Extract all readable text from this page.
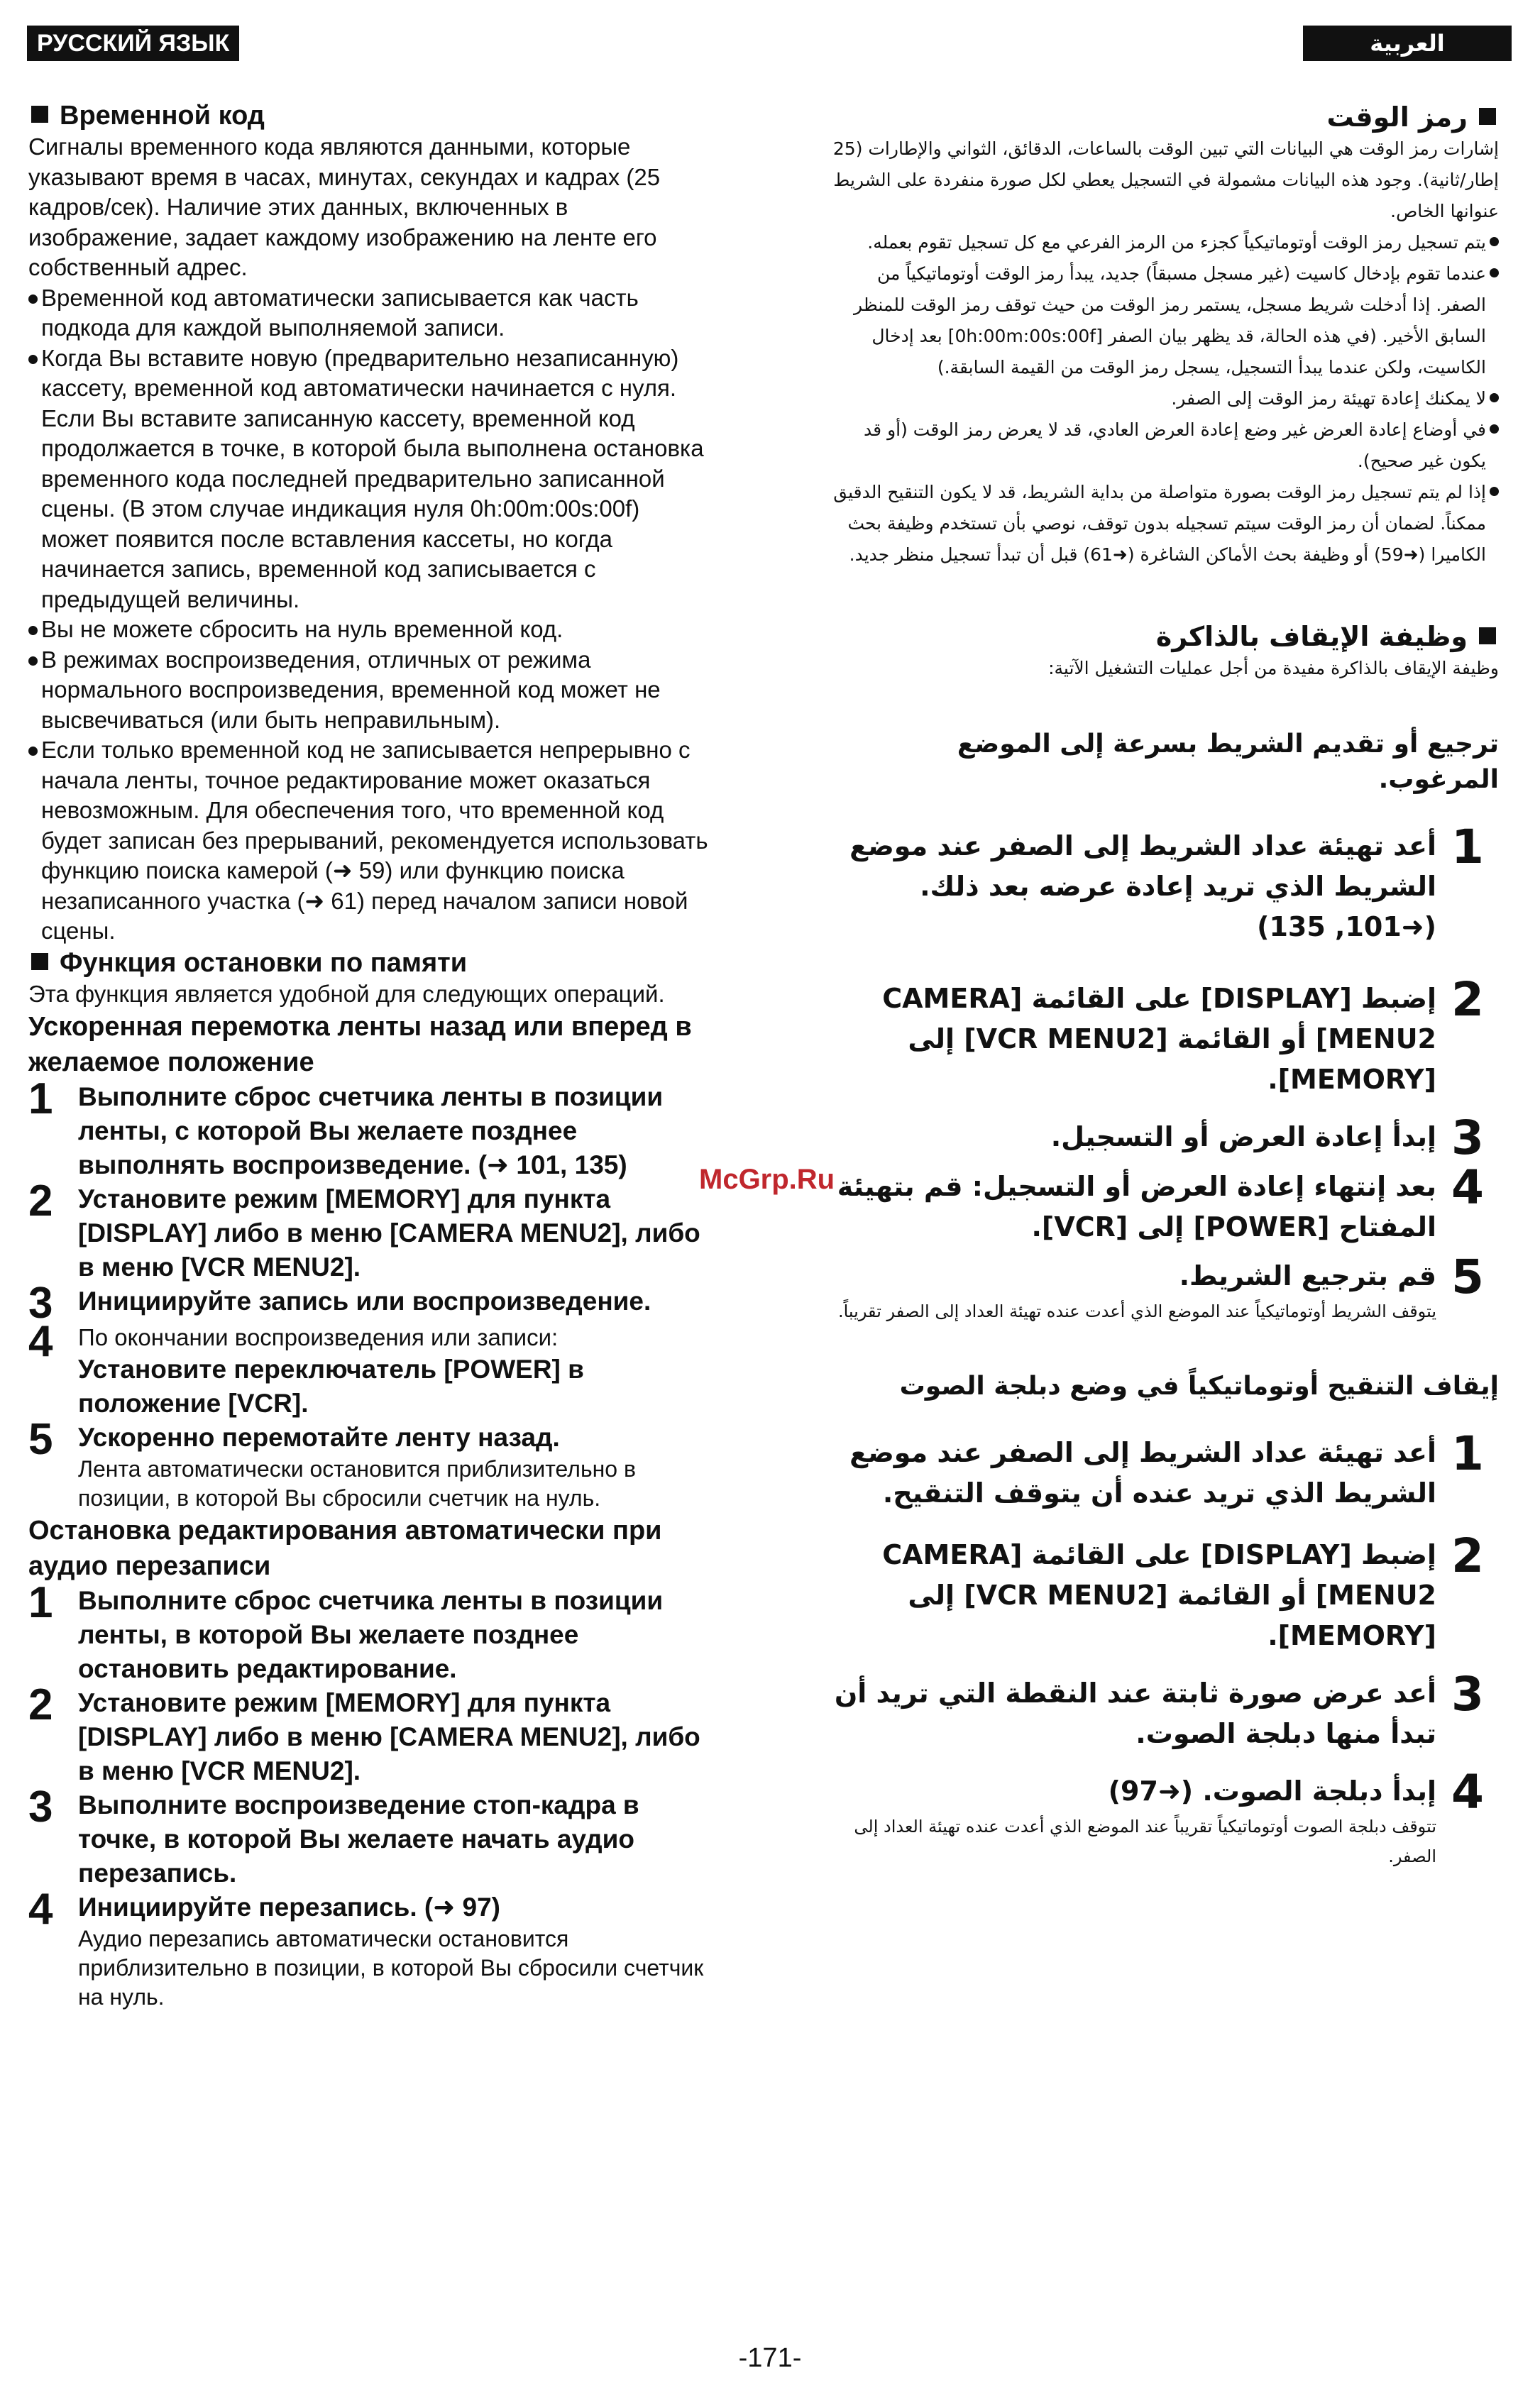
РУССКИЙ ЯЗЫК	العربية
Временной код

Сигналы временного кода являются данными, которые указывают время в часах, минутах, секундах и кадрах (25 кадров/сек). Наличие этих данных, включенных в изображение, задает каждому изображению на ленте его собственный адрес.

Временной код автоматически записывается как часть подкода для каждой выполняемой записи.

Когда Вы вставите новую (предварительно незаписанную) кассету, временной код автоматически начинается с нуля. Если Вы вставите записанную кассету, временной код продолжается в точке, в которой была выполнена остановка временного кода последней предварительно записанной сцены. (В этом случае индикация нуля 0h:00m:00s:00f) может появится после вставления кассеты, но когда начинается запись, временной код записывается с предыдущей величины.

Вы не можете сбросить на нуль временной код.

В режимах воспроизведения, отличных от режима нормального воспроизведения, временной код может не высвечиваться (или быть неправильным).

Если только временной код не записывается непрерывно с начала ленты, точное редактирование может оказаться невозможным. Для обеспечения того, что временной код будет записан без прерываний, рекомендуется использовать функцию поиска камерой (➜ 59) или функцию поиска незаписанного участка (➜ 61) перед началом записи новой сцены.

Функция остановки по памяти

Эта функция является удобной для следующих операций.

Ускоренная перемотка ленты назад или вперед в желаемое положение
1 Выполните сброс счетчика ленты в позиции ленты, с которой Вы желаете позднее выполнять воспроизведение. (➜ 101, 135)
2 Установите режим [MEMORY] для пункта [DISPLAY] либо в меню [CAMERA MENU2], либо в меню [VCR MENU2].
3 Инициируйте запись или воспроизведение.
4	По окончании воспроизведения или записи:
Установите переключатель [POWER] в положение [VCR].
5 Ускоренно перемотайте ленту назад.
Лента автоматически остановится приблизительно в позиции, в которой Вы сбросили счетчик на нуль.
Остановка редактирования автоматически при аудио перезаписи
1 Выполните сброс счетчика ленты в позиции ленты, в которой Вы желаете позднее остановить редактирование.
2 Установите режим [MEMORY] для пункта [DISPLAY] либо в меню [CAMERA MENU2], либо в меню [VCR MENU2].
3 Выполните воспроизведение стоп-кадра в точке, в которой Вы желаете начать аудио перезапись.
4 Инициируйте перезапись. (➜ 97)
Аудио перезапись автоматически остановится приблизительно в позиции, в которой Вы сбросили счетчик на нуль.
رمز الوقت

إشارات رمز الوقت هي البيانات التي تبين الوقت بالساعات، الدقائق، الثواني والإطارات (25 إطار/ثانية). وجود هذه البيانات مشمولة في التسجيل يعطي لكل صورة منفردة على الشريط عنوانها الخاص.

يتم تسجيل رمز الوقت أوتوماتيكياً كجزء من الرمز الفرعي مع كل تسجيل تقوم بعمله.

عندما تقوم بإدخال كاسيت (غير مسجل مسبقاً) جديد، يبدأ رمز الوقت أوتوماتيكياً من الصفر. إذا أدخلت شريط مسجل، يستمر رمز الوقت من حيث توقف رمز الوقت للمنظر السابق الأخير. (في هذه الحالة، قد يظهر بيان الصفر [0h:00m:00s:00f] بعد إدخال الكاسيت، ولكن عندما يبدأ التسجيل، يسجل رمز الوقت من القيمة السابقة.)

لا يمكنك إعادة تهيئة رمز الوقت إلى الصفر.

في أوضاع إعادة العرض غير وضع إعادة العرض العادي، قد لا يعرض رمز الوقت (أو قد يكون غير صحيح).

إذا لم يتم تسجيل رمز الوقت بصورة متواصلة من بداية الشريط، قد لا يكون التنقيح الدقيق ممكناً. لضمان أن رمز الوقت سيتم تسجيله بدون توقف، نوصي بأن تستخدم وظيفة بحث الكاميرا (➜59) أو وظيفة بحث الأماكن الشاغرة (➜61) قبل أن تبدأ تسجيل منظر جديد.

وظيفة الإيقاف بالذاكرة

وظيفة الإيقاف بالذاكرة مفيدة من أجل عمليات التشغيل الآتية:

ترجيع أو تقديم الشريط بسرعة إلى الموضع المرغوب.
1
أعد تهيئة عداد الشريط إلى الصفر عند موضع الشريط الذي تريد إعادة عرضه بعد ذلك. (➜101, 135)
2
إضبط [DISPLAY] على القائمة [CAMERA MENU2] أو القائمة [VCR MENU2] إلى [MEMORY].
3
إبدأ إعادة العرض أو التسجيل.
4
بعد إنتهاء إعادة العرض أو التسجيل: قم بتهيئة المفتاح [POWER] إلى [VCR].
5
قم بترجيع الشريط.
يتوقف الشريط أوتوماتيكياً عند الموضع الذي أعدت عنده تهيئة العداد إلى الصفر تقريباً.
إيقاف التنقيح أوتوماتيكياً في وضع دبلجة الصوت
1
أعد تهيئة عداد الشريط إلى الصفر عند موضع الشريط الذي تريد عنده أن يتوقف التنقيح.
2
إضبط [DISPLAY] على القائمة [CAMERA MENU2] أو القائمة [VCR MENU2] إلى [MEMORY].
3
أعد عرض صورة ثابتة عند النقطة التي تريد أن تبدأ منها دبلجة الصوت.
4
إبدأ دبلجة الصوت. (➜97)
تتوقف دبلجة الصوت أوتوماتيكياً تقريباً عند الموضع الذي أعدت عنده تهيئة العداد إلى الصفر.
McGrp.Ru
-171-
